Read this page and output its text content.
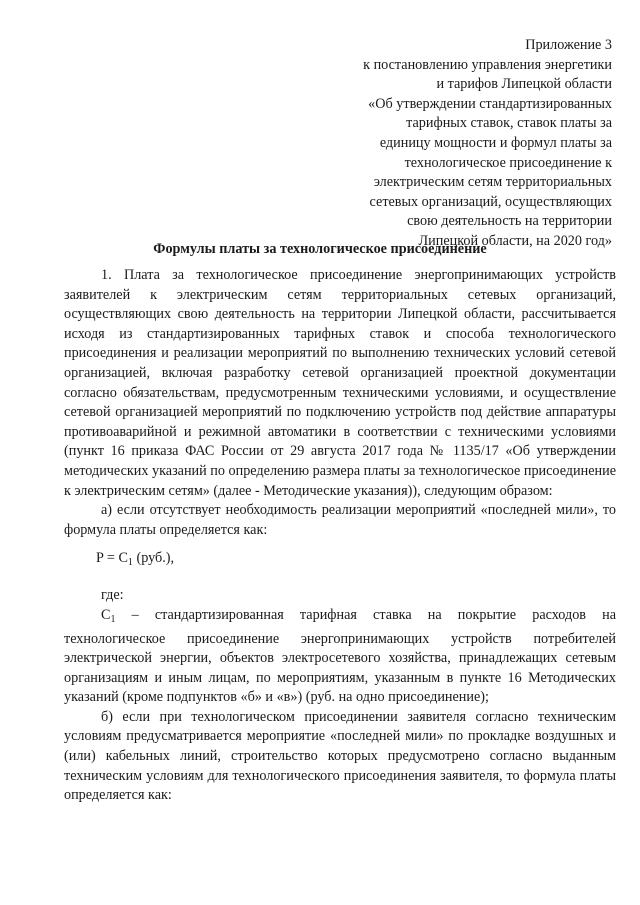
Приложение 3
к постановлению управления энергетики
и тарифов Липецкой области
«Об утверждении стандартизированных
тарифных ставок, ставок платы за
единицу мощности и формул платы за
технологическое присоединение к
электрическим сетям территориальных
сетевых организаций, осуществляющих
свою деятельность на территории
Липецкой области, на 2020 год»
Формулы платы за технологическое присоединение

1. Плата за технологическое присоединение энергопринимающих устройств заявителей к электрическим сетям территориальных сетевых организаций, осуществляющих свою деятельность на территории Липецкой области, рассчитывается исходя из стандартизированных тарифных ставок и способа технологического присоединения и реализации мероприятий по выполнению технических условий сетевой организацией, включая разработку сетевой организацией проектной документации согласно обязательствам, предусмотренным техническими условиями, и осуществление сетевой организацией мероприятий по подключению устройств под действие аппаратуры противоаварийной и режимной автоматики в соответствии с техническими условиями (пункт 16 приказа ФАС России от 29 августа 2017 года № 1135/17 «Об утверждении методических указаний по определению размера платы за технологическое присоединение к электрическим сетям» (далее - Методические указания)), следующим образом:

а) если отсутствует необходимость реализации мероприятий «последней мили», то формула платы определяется как:

$P = C_1$ (руб.),
где:

$C_1$ – стандартизированная тарифная ставка на покрытие расходов на технологическое присоединение энергопринимающих устройств потребителей электрической энергии, объектов электросетевого хозяйства, принадлежащих сетевым организациям и иным лицам, по мероприятиям, указанным в пункте 16 Методических указаний (кроме подпунктов «б» и «в») (руб. на одно присоединение);

б) если при технологическом присоединении заявителя согласно техническим условиям предусматривается мероприятие «последней мили» по прокладке воздушных и (или) кабельных линий, строительство которых предусмотрено согласно выданным техническим условиям для технологического присоединения заявителя, то формула платы определяется как:
